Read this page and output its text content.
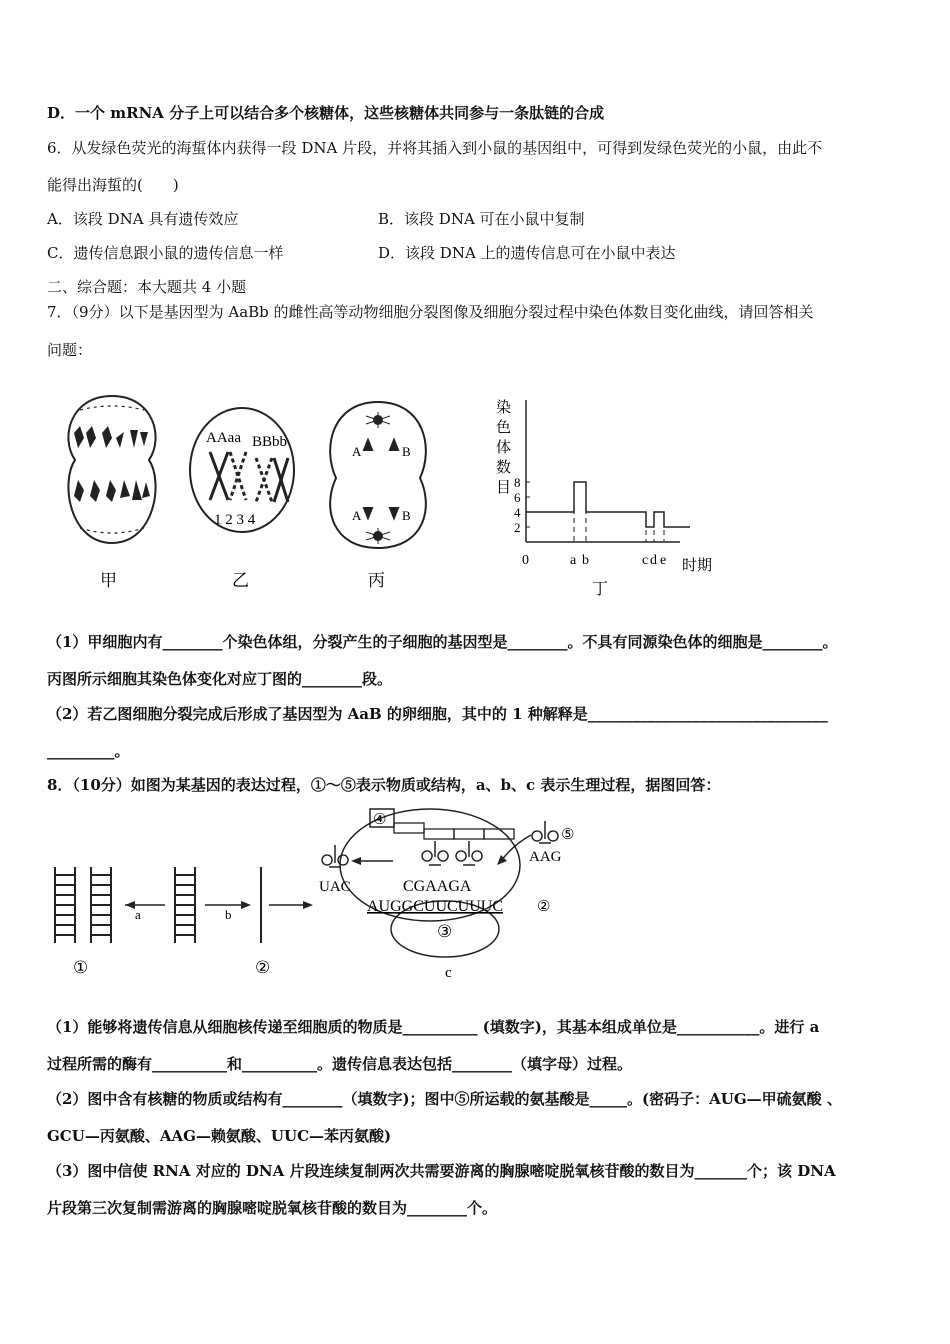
D．一个 mRNA 分子上可以结合多个核糖体，这些核糖体共同参与一条肽链的合成
6．从发绿色荧光的海蜇体内获得一段 DNA 片段，并将其插入到小鼠的基因组中，可得到发绿色荧光的小鼠，由此不
能得出海蜇的(　　)
A．该段 DNA 具有遗传效应	B．该段 DNA 可在小鼠中复制
C．遗传信息跟小鼠的遗传信息一样	D．该段 DNA 上的遗传信息可在小鼠中表达
二、综合题：本大题共 4 小题
7．（9分）以下是基因型为 AaBb 的雌性高等动物细胞分裂图像及细胞分裂过程中染色体数目变化曲线，请回答相关
问题：
甲
AAaa BBbb
1 2 3 4
乙
A	B
A	B
丙
染
色
体
数
目 8
6
4
2
0	a b	c d e 时期
丁
（1）甲细胞内有________个染色体组，分裂产生的子细胞的基因型是________。不具有同源染色体的细胞是________。
丙图所示细胞其染色体变化对应丁图的________段。
（2）若乙图细胞分裂完成后形成了基因型为 AaB 的卵细胞，其中的 1 种解释是________________________________
_________。
8．（10分）如图为某基因的表达过程，①～⑤表示物质或结构，a、b、c 表示生理过程，据图回答：
①
a	b
②
③
c
④
CGAAGA
AUGGCUUCUUUC ②
UAC
⑤
AAG
（1）能够将遗传信息从细胞核传递至细胞质的物质是__________ (填数字)，其基本组成单位是___________。进行 a
过程所需的酶有__________和__________。遗传信息表达包括________（填字母）过程。
（2）图中含有核糖的物质或结构有________（填数字)；图中⑤所运载的氨基酸是_____。(密码子：AUG—甲硫氨酸 、
GCU—丙氨酸、AAG—赖氨酸、UUC—苯丙氨酸)
（3）图中信使 RNA 对应的 DNA 片段连续复制两次共需要游离的胸腺嘧啶脱氧核苷酸的数目为_______个；该 DNA
片段第三次复制需游离的胸腺嘧啶脱氧核苷酸的数目为________个。
